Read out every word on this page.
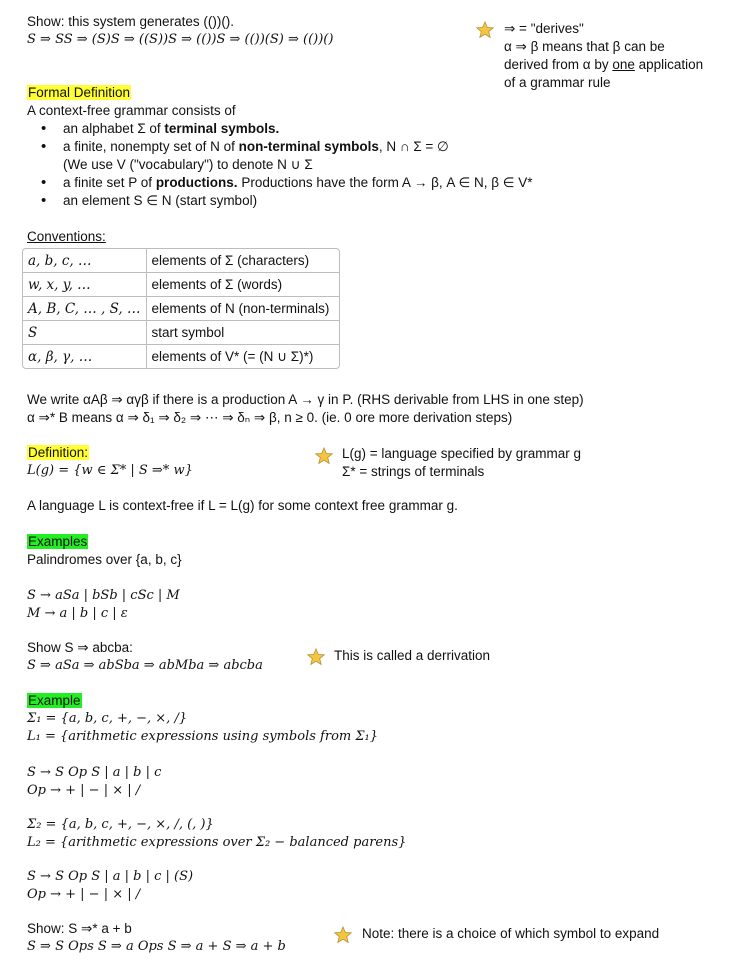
Show: this system generates (())().
S ⇒ SS ⇒ (S)S ⇒ ((S))S ⇒ (())S ⇒ (())(S) ⇒ (())()
⇒ = "derives"
α ⇒ β means that β can be
derived from α by one application
of a grammar rule
Formal Definition
A context-free grammar consists of
• an alphabet Σ of terminal symbols.
• a finite, nonempty set of N of non-terminal symbols, N ∩ Σ = ∅
(We use V ("vocabulary") to denote N ∪ Σ
• a finite set P of productions. Productions have the form A → β, A ∈ N, β ∈ V*
• an element S ∈ N (start symbol)
Conventions:
a, b, c, …	elements of Σ (characters)
w, x, y, …	elements of Σ (words)
A, B, C, … , S, …	elements of N (non-terminals)
S	start symbol
α, β, γ, …	elements of V* (= (N ∪ Σ)*)
We write αAβ ⇒ αγβ if there is a production A → γ in P. (RHS derivable from LHS in one step)
α ⇒* B means α ⇒ δ₁ ⇒ δ₂ ⇒ ⋯ ⇒ δₙ ⇒ β, n ≥ 0. (ie. 0 ore more derivation steps)
Definition:
L(g) = {w ∈ Σ* | S ⇒* w}
L(g) = language specified by grammar g
Σ* = strings of terminals
A language L is context-free if L = L(g) for some context free grammar g.
Examples
Palindromes over {a, b, c}
S → aSa | bSb | cSc | M
M → a | b | c | ε
Show S ⇒ abcba:
S ⇒ aSa ⇒ abSba ⇒ abMba ⇒ abcba
This is called a derrivation
Example
Σ₁ = {a, b, c, +, −, ×, /}
L₁ = {arithmetic expressions using symbols from Σ₁}
S → S Op S | a | b | c
Op → + | − | × | /
Σ₂ = {a, b, c, +, −, ×, /, (, )}
L₂ = {arithmetic expressions over Σ₂ − balanced parens}
S → S Op S | a | b | c | (S)
Op → + | − | × | /
Show: S ⇒* a + b
S ⇒ S Ops S ⇒ a Ops S ⇒ a + S ⇒ a + b
Note: there is a choice of which symbol to expand
